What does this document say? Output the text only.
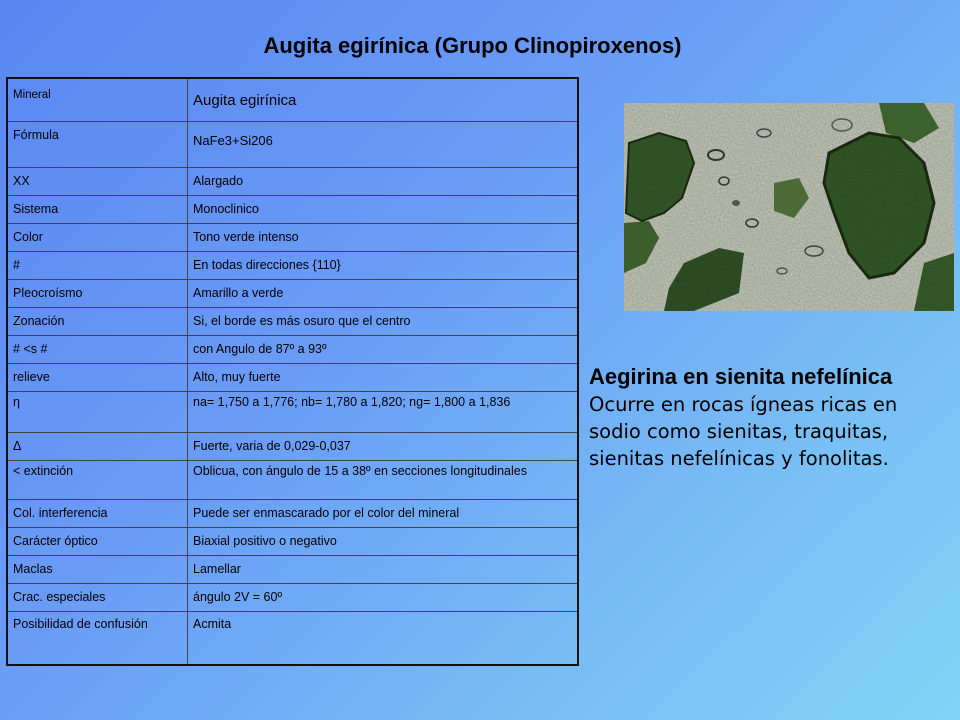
Augita egirínica (Grupo Clinopiroxenos)
Mineral	Augita egirínica
Fórmula	NaFe3+Si206
XX	Alargado
Sistema	Monoclinico
Color	Tono verde intenso
#	En todas direcciones {110}
Pleocroísmo	Amarillo a verde
Zonación	Si, el borde es más osuro que el centro
# <s #	con Angulo de 87º a 93º
relieve	Alto, muy fuerte
η	na= 1,750 a 1,776; nb= 1,780 a 1,820; ng= 1,800 a 1,836
Δ	Fuerte, varia de 0,029-0,037
< extinción	Oblicua, con ángulo de 15 a 38º en secciones longitudinales
Col. interferencia	Puede ser enmascarado por el color del mineral
Carácter óptico	Biaxial positivo o negativo
Maclas	Lamellar
Crac. especiales	ángulo 2V = 60º
Posibilidad de confusión	Acmita
Aegirina en sienita nefelínica
Ocurre en rocas ígneas ricas en sodio como sienitas, traquitas, sienitas nefelínicas y fonolitas.
